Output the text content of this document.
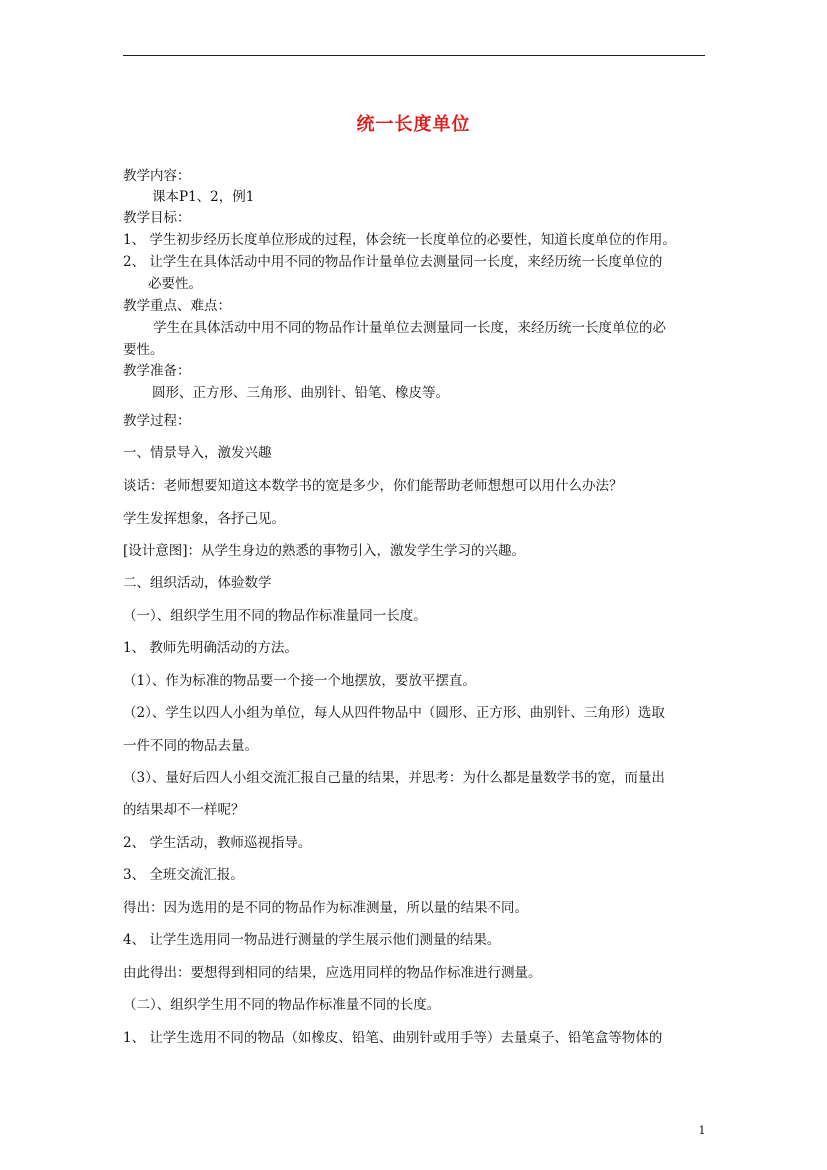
统一长度单位
教学内容：
课本P1、2，例1
教学目标：
1、 学生初步经历长度单位形成的过程，体会统一长度单位的必要性，知道长度单位的作用。
2、 让学生在具体活动中用不同的物品作计量单位去测量同一长度，来经历统一长度单位的
必要性。
教学重点、难点：
学生在具体活动中用不同的物品作计量单位去测量同一长度，来经历统一长度单位的必
要性。
教学准备：
圆形、正方形、三角形、曲别针、铅笔、橡皮等。
教学过程：
一、情景导入，激发兴趣
谈话：老师想要知道这本数学书的宽是多少，你们能帮助老师想想可以用什么办法？
学生发挥想象，各抒己见。
[设计意图]：从学生身边的熟悉的事物引入，激发学生学习的兴趣。
二、组织活动，体验数学
（一）、组织学生用不同的物品作标准量同一长度。
1、 教师先明确活动的方法。
（1）、作为标准的物品要一个接一个地摆放，要放平摆直。
（2）、学生以四人小组为单位，每人从四件物品中（圆形、正方形、曲别针、三角形）选取
一件不同的物品去量。
（3）、量好后四人小组交流汇报自己量的结果，并思考：为什么都是量数学书的宽，而量出
的结果却不一样呢？
2、 学生活动，教师巡视指导。
3、 全班交流汇报。
得出：因为选用的是不同的物品作为标准测量，所以量的结果不同。
4、 让学生选用同一物品进行测量的学生展示他们测量的结果。
由此得出：要想得到相同的结果，应选用同样的物品作标准进行测量。
（二）、组织学生用不同的物品作标准量不同的长度。
1、 让学生选用不同的物品（如橡皮、铅笔、曲别针或用手等）去量桌子、铅笔盒等物体的
1
